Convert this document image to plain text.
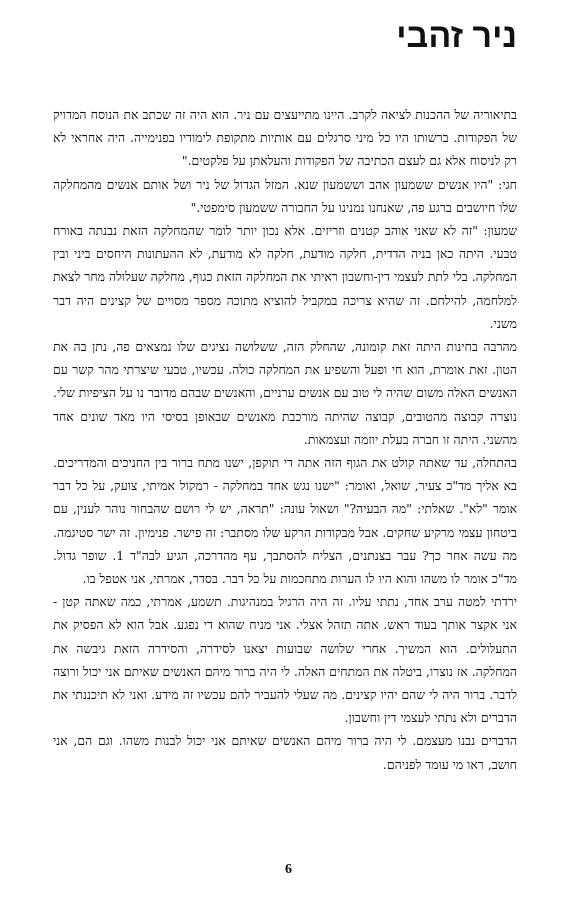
ניר זהבי

בתיאוריה של ההכנות לציאה לקרב. היינו מתייעצים עם ניר. הוא היה זה שכתב את הנוסח המדויק של הפקודות. ברשותו היו כל מיני סרגלים עם אותיות מתקופת לימודיו בפנימייה. היה אחראי לא רק לניסוח אלא גם לעצם הכתיבה של הפקודות והעלאתן על פלקטים."

חגי: "היו אנשים ששמעון אהב וששמעון שנא. המזל הגדול של ניר ושל אותם אנשים מהמחלקה שלו חיושבים ברגע פה, שאנחנו נמנינו על החבורה ששמעון סימפטי."

שמעון: "זה לא שאני אוהב קטנים וזריזים. אלא נכון יותר לומר שהמחלקה הזאת נבנתה באורח טבעי. היתה כאן בניה הדדית, חלקה מודעת, חלקה לא מודעת, לא ההעתונות היחסים ביני ובין המחלקה. בלי לתת לעצמי דין-וחשבון ראיתי את המחלקה הזאת כגוף, מחלקה שעלולה מחר לצאת למלחמה, להילחם. זה שהיא צריכה במקביל להוציא מתוכה מספר מסויים של קצינים היה דבר משני.

מהרבה בחינות היתה זאת קומונה, שהחלק הזה, ששלושה נציגים שלו נמצאים פה, נתן בה את הטון. זאת אומרת, הוא חי ופעל והשפיע את המחלקה כולה. עכשיו, טבעי שיצרתי מהר קשר עם האנשים האלה משום שהיה לי טוב עם אנשים ערניים, והאנשים שבהם מדובר נו על הציפיות שלי. נוצרה קבוצה מהטובים, קבוצה שהיתה מורכבת מאנשים שבאופן בסיסי היו מאד שונים אחד מהשני. היתה זו חברה בעלת יוזמה ועצמאות.

בהתחלה, עד שאתה קולט את הגוף הזה אתה די תוקפן, ישנו מתח ברור בין החניכים והמדריכים. בא אליך מד"כ צעיר, שואל, ואומר: "ישנו נגש אחד במחלקה - רמקול אמיתי, צועק, על כל דבר אומר "לא". שאלתי: "מה הבעיה?" ושאול עונה: "תראה, יש לי רושם שהבחור נוהר לענין, עם ביטחון עצמי מרקיע שחקים. אבל מבקודות הרקע שלו מסתבר: זה פישר. פנימיון. זה ישר סטיגמה. מה עשה אחר כך? עבר בצנתנים, הצליח להסתבך, עף מהדרכה, הגיע לבה"ד 1. שופר גדול. מד"כ אומר לו משהו והוא היו לו הערות מתחכמות על כל דבר. בסדר, אמרתי, אני אטפל בו.

ירדתי למטה ערב אחד, נתתי עליו. זה היה הרגיל במנהיגות. תשמע, אמרתי, כמה שאתה קטן - אני אקצר אותך בעוד ראש. אתה תזהל אצלי. אני מניח שהוא די נפגע. אבל הוא לא הפסיק את התעלולים. הוא המשיך. אחרי שלושה שבועות יצאנו לסידרה, והסידרה הזאת גיבשה את המחלקה. אז נוצרו, ביטלה את המתחים האלה. לי היה ברור מיהם האנשים שאיתם אני יכול ורוצה לדבר. ברור היה לי שהם יהיו קצינים. מה שעלי להעביר להם עכשיו זה מידע. ואני לא תיכננתי את הדברים ולא נתתי לעצמי דין וחשבון.

הדברים נבנו מעצמם. לי היה ברור מיהם האנשים שאיתם אני יכול לבנות משהו. וגם הם, אני חושב, ראו מי עומד לפניהם.

6
